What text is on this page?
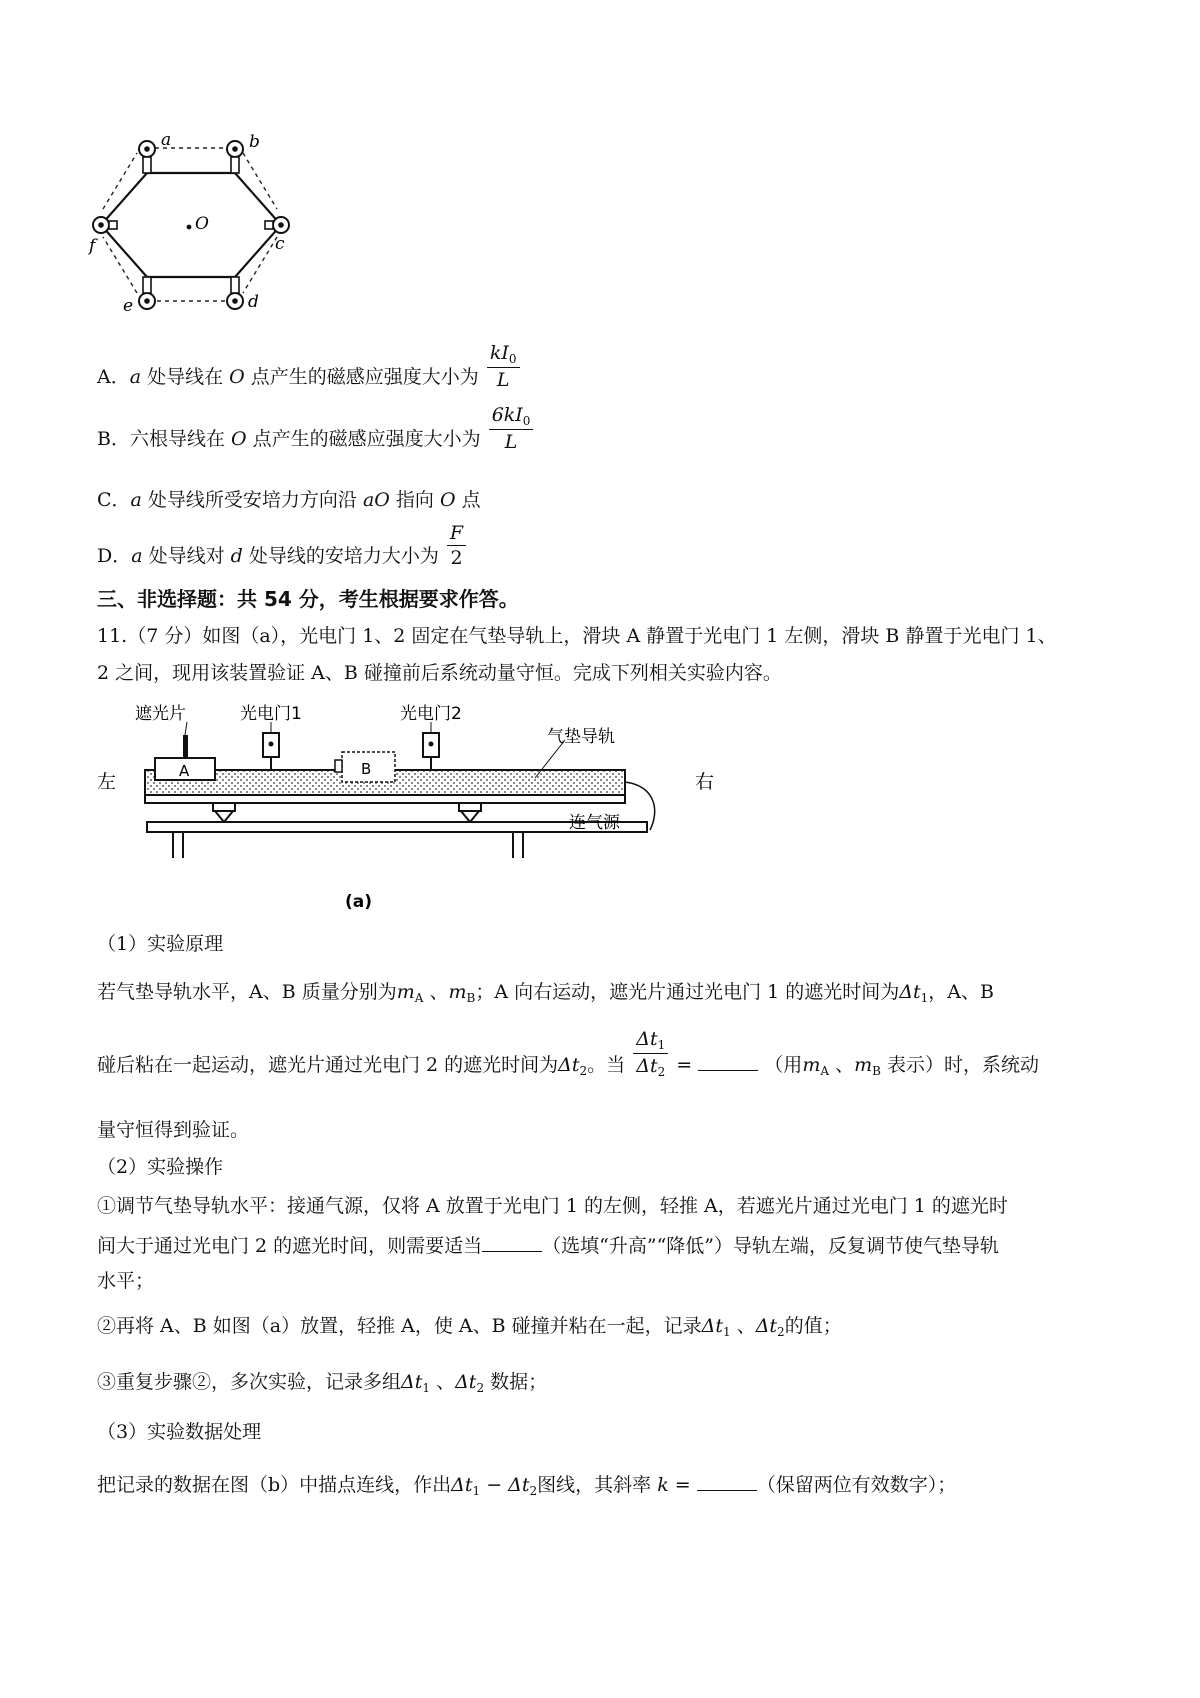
a	b
c
d
e
f
O
A．a 处导线在 O 点产生的磁感应强度大小为 $\frac{kI_0}{L}$
B．六根导线在 O 点产生的磁感应强度大小为 $\frac{6kI_0}{L}$
C．a 处导线所受安培力方向沿 aO 指向 O 点
D．a 处导线对 d 处导线的安培力大小为 $\frac{F}{2}$
三、非选择题：共 54 分，考生根据要求作答。
11.（7 分）如图（a），光电门 1、2 固定在气垫导轨上，滑块 A 静置于光电门 1 左侧，滑块 B 静置于光电门 1、
2 之间，现用该装置验证 A、B 碰撞前后系统动量守恒。完成下列相关实验内容。
A	B
遮光片	光电门1	光电门2
气垫导轨
左	右
连气源
(a)
（1）实验原理
若气垫导轨水平，A、B 质量分别为$m_A$ 、$m_B$；A 向右运动，遮光片通过光电门 1 的遮光时间为$\Delta t_1$，A、B
碰后粘在一起运动，遮光片通过光电门 2 的遮光时间为$\Delta t_2$。当 $\frac{\Delta t_1}{\Delta t_2}$ =	（用$m_A$ 、$m_B$ 表示）时，系统动
量守恒得到验证。
（2）实验操作
①调节气垫导轨水平：接通气源，仅将 A 放置于光电门 1 的左侧，轻推 A，若遮光片通过光电门 1 的遮光时
间大于通过光电门 2 的遮光时间，则需要适当	（选填“升高”“降低”）导轨左端，反复调节使气垫导轨
水平；
②再将 A、B 如图（a）放置，轻推 A，使 A、B 碰撞并粘在一起，记录$\Delta t_1$ 、$\Delta t_2$的值；
③重复步骤②，多次实验，记录多组$\Delta t_1$ 、$\Delta t_2$ 数据；
（3）实验数据处理
把记录的数据在图（b）中描点连线，作出$\Delta t_1 - \Delta t_2$图线，其斜率 k =	（保留两位有效数字）；
